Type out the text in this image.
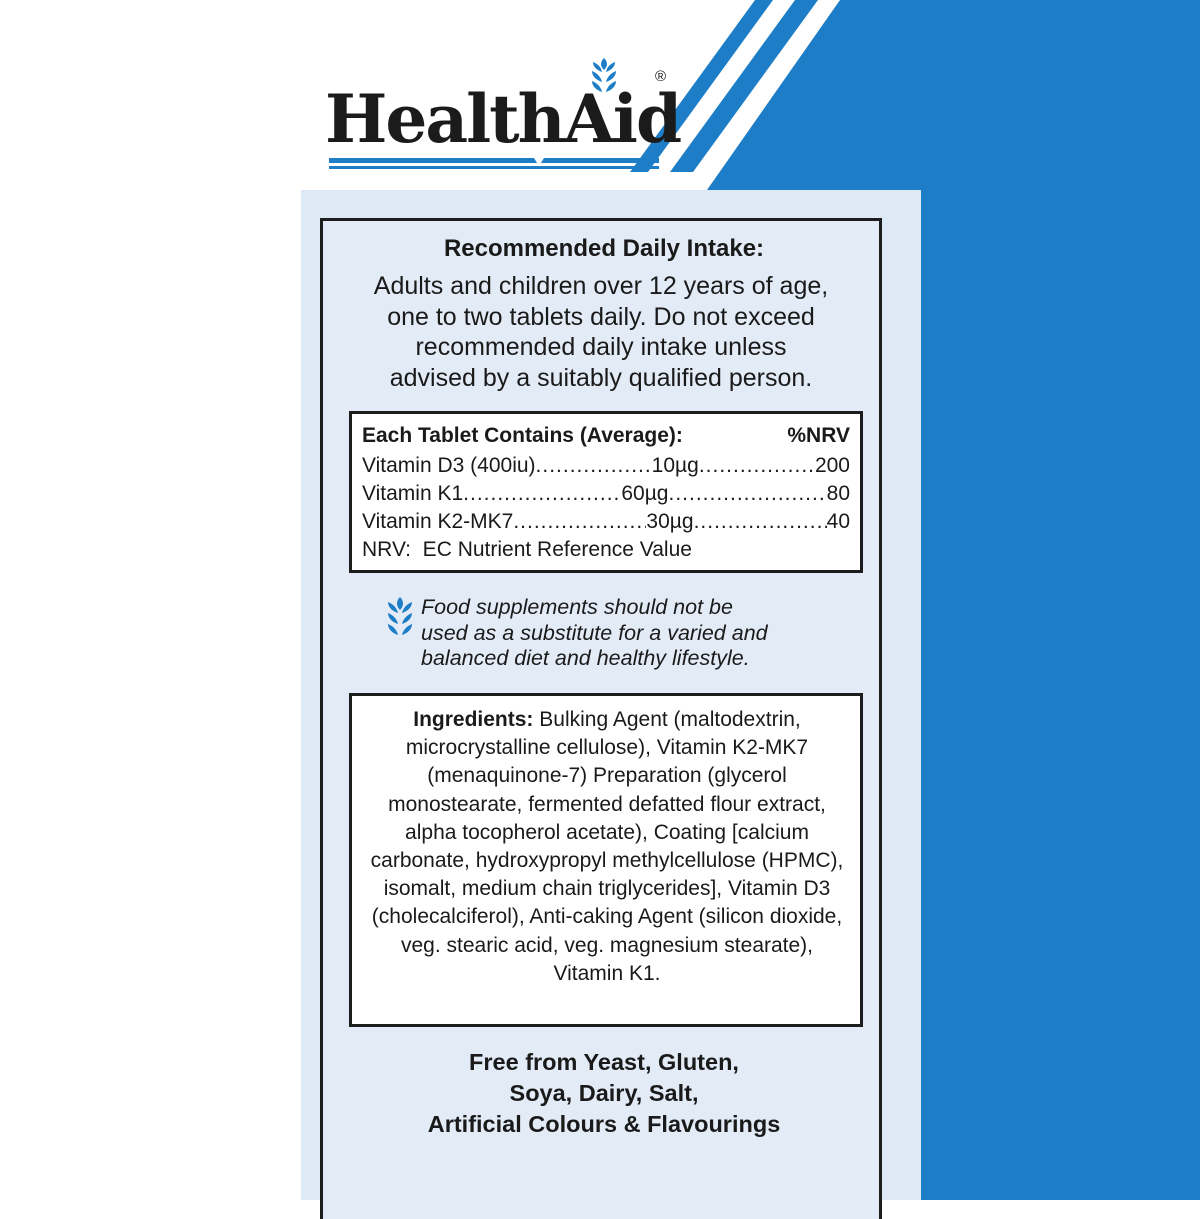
HealthAid
®
Recommended Daily Intake:
Adults and children over 12 years of age,
one to two tablets daily. Do not exceed
recommended daily intake unless
advised by a suitably qualified person.
Each Tablet Contains (Average):	%NRV
Vitamin D3 (400iu) .....	10µg .....	200
Vitamin K1 .....	60µg .....	80
Vitamin K2-MK7 .....	30µg .....	40
NRV:  EC Nutrient Reference Value
Food supplements should not be
used as a substitute for a varied and
balanced diet and healthy lifestyle.
Ingredients: Bulking Agent (maltodextrin, microcrystalline cellulose), Vitamin K2-MK7 (menaquinone-7) Preparation (glycerol monostearate, fermented defatted flour extract, alpha tocopherol acetate), Coating [calcium carbonate, hydroxypropyl methylcellulose (HPMC), isomalt, medium chain triglycerides], Vitamin D3 (cholecalciferol), Anti-caking Agent (silicon dioxide, veg. stearic acid, veg. magnesium stearate), Vitamin K1.
Free from Yeast, Gluten,
Soya, Dairy, Salt,
Artificial Colours & Flavourings
